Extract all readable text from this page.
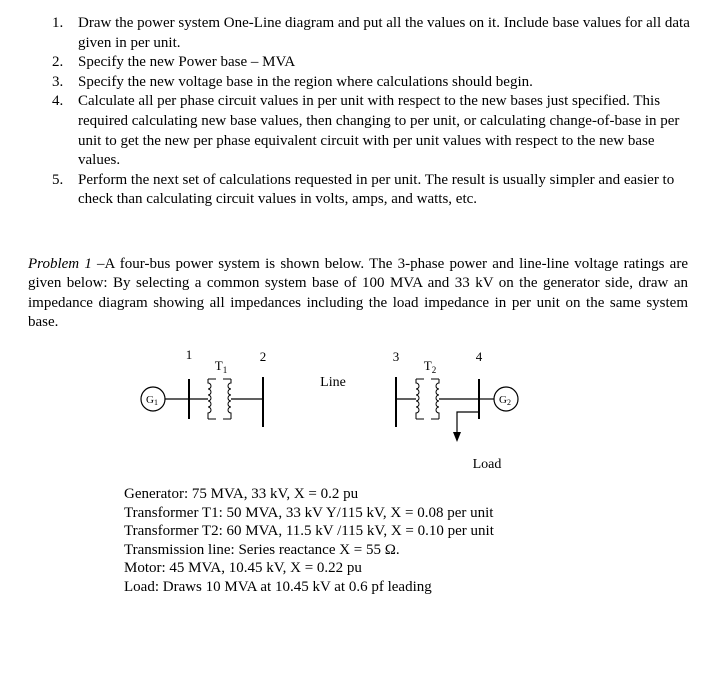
1. Draw the power system One-Line diagram and put all the values on it. Include base values for all data given in per unit.
2. Specify the new Power base – MVA
3. Specify the new voltage base in the region where calculations should begin.
4. Calculate all per phase circuit values in per unit with respect to the new bases just specified. This required calculating new base values, then changing to per unit, or calculating change-of-base in per unit to get the new per phase equivalent circuit with per unit values with respect to the new base values.
5. Perform the next set of calculations requested in per unit. The result is usually simpler and easier to check than calculating circuit values in volts, amps, and watts, etc.

Problem 1 –A four-bus power system is shown below. The 3-phase power and line-line voltage ratings are given below: By selecting a common system base of 100 MVA and 33 kV on the generator side, draw an impedance diagram showing all impedances including the load impedance in per unit on the same system base.

1	2	3	4
$T_1$	$T_2$
Line
G1	G2
Load
Generator: 75 MVA, 33 kV, X = 0.2 pu
Transformer T1: 50 MVA, 33 kV Y/115 kV, X = 0.08 per unit
Transformer T2: 60 MVA, 11.5 kV /115 kV, X = 0.10 per unit
Transmission line: Series reactance X = 55 Ω.
Motor: 45 MVA, 10.45 kV, X = 0.22 pu
Load: Draws 10 MVA at 10.45 kV at 0.6 pf leading
